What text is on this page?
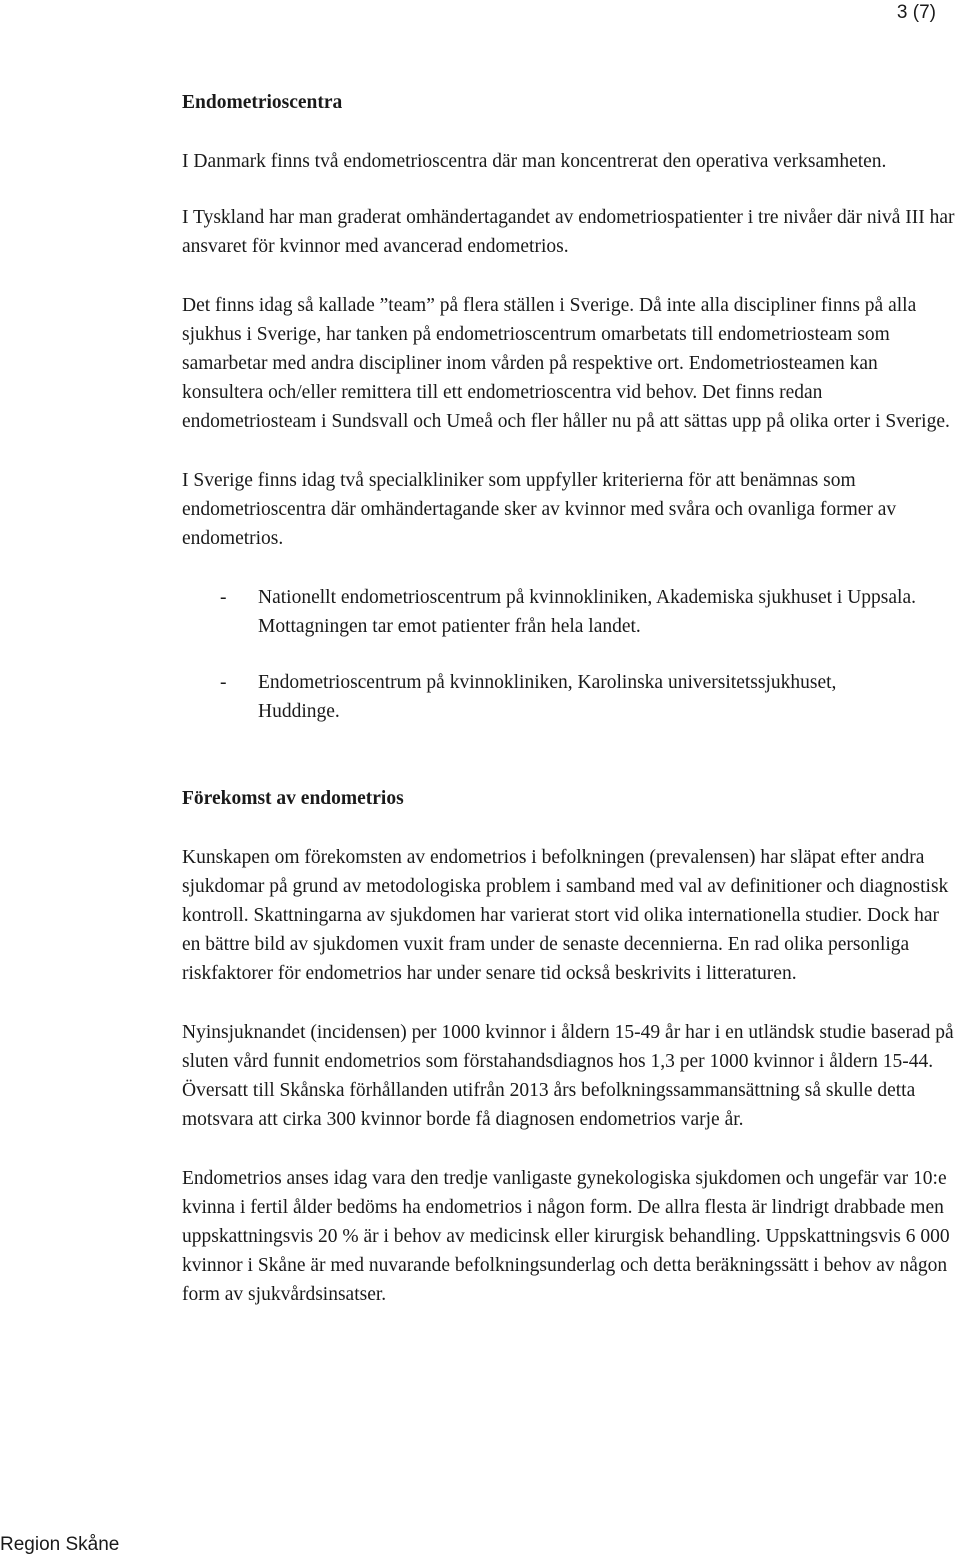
3 (7)
Endometrioscentra

I Danmark finns två endometrioscentra där man koncentrerat den operativa verksamheten.

I Tyskland har man graderat omhändertagandet av endometriospatienter i tre nivåer där nivå III har ansvaret för kvinnor med avancerad endometrios.

Det finns idag så kallade ”team” på flera ställen i Sverige. Då inte alla discipliner finns på alla sjukhus i Sverige, har tanken på endometrioscentrum omarbetats till endometriosteam som samarbetar med andra discipliner inom vården på respektive ort. Endometriosteamen kan konsultera och/eller remittera till ett endometrioscentra vid behov. Det finns redan endometriosteam i Sundsvall och Umeå och fler håller nu på att sättas upp på olika orter i Sverige.

I Sverige finns idag två specialkliniker som uppfyller kriterierna för att benämnas som endometrioscentra där omhändertagande sker av kvinnor med svåra och ovanliga former av endometrios.

-	Nationellt endometrioscentrum på kvinnokliniken, Akademiska sjukhuset i Uppsala. Mottagningen tar emot patienter från hela landet.
-	Endometrioscentrum på kvinnokliniken, Karolinska universitetssjukhuset, Huddinge.
Förekomst av endometrios

Kunskapen om förekomsten av endometrios i befolkningen (prevalensen) har släpat efter andra sjukdomar på grund av metodologiska problem i samband med val av definitioner och diagnostisk kontroll. Skattningarna av sjukdomen har varierat stort vid olika internationella studier. Dock har en bättre bild av sjukdomen vuxit fram under de senaste decennierna. En rad olika personliga riskfaktorer för endometrios har under senare tid också beskrivits i litteraturen.

Nyinsjuknandet (incidensen) per 1000 kvinnor i åldern 15-49 år har i en utländsk studie baserad på sluten vård funnit endometrios som förstahandsdiagnos hos 1,3 per 1000 kvinnor i åldern 15-44. Översatt till Skånska förhållanden utifrån 2013 års befolkningssammansättning så skulle detta motsvara att cirka 300 kvinnor borde få diagnosen endometrios varje år.

Endometrios anses idag vara den tredje vanligaste gynekologiska sjukdomen och ungefär var 10:e kvinna i fertil ålder bedöms ha endometrios i någon form. De allra flesta är lindrigt drabbade men uppskattningsvis 20 % är i behov av medicinsk eller kirurgisk behandling. Uppskattningsvis 6 000 kvinnor i Skåne är med nuvarande befolkningsunderlag och detta beräkningssätt i behov av någon form av sjukvårdsinsatser.

Region Skåne
